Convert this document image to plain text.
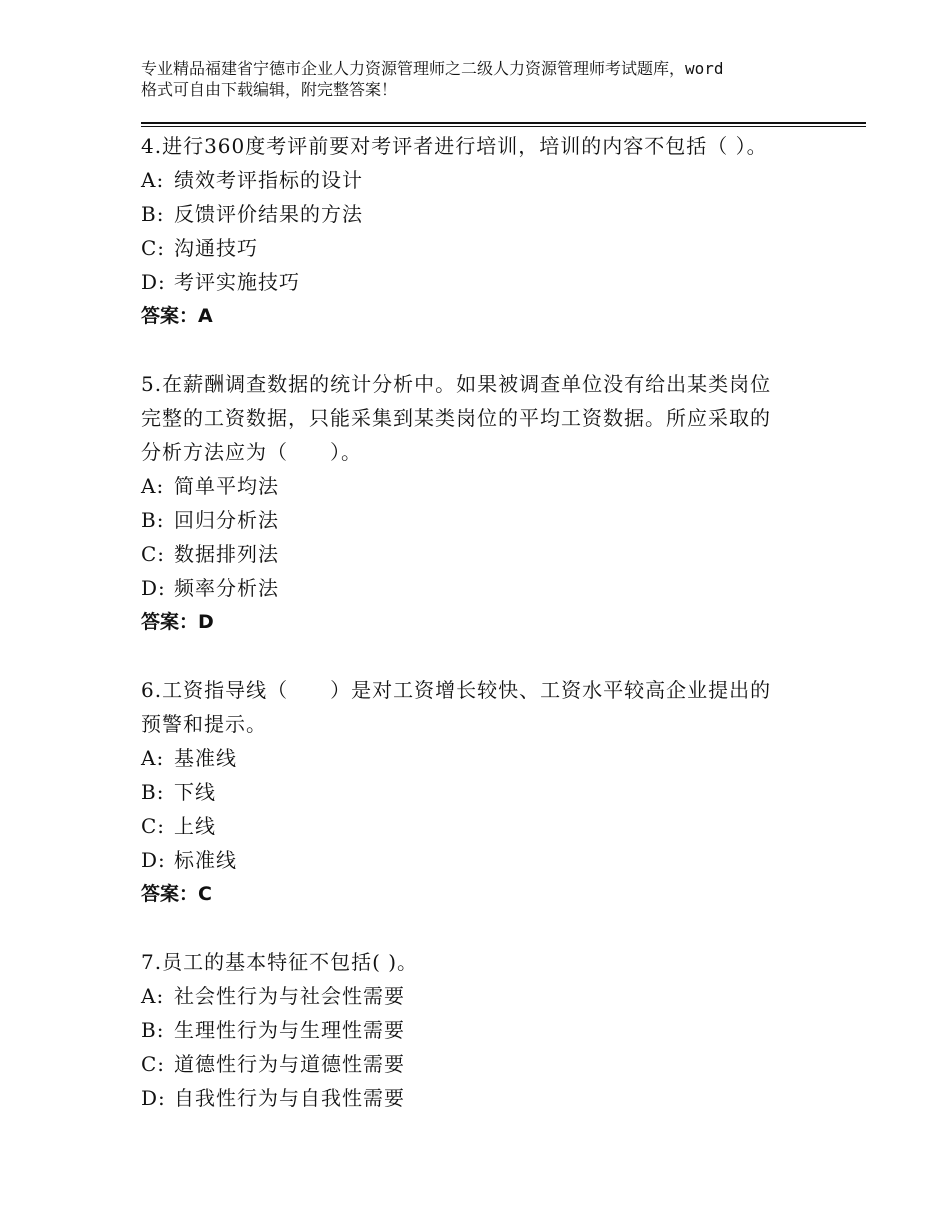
专业精品福建省宁德市企业人力资源管理师之二级人力资源管理师考试题库，word
格式可自由下载编辑，附完整答案！

4.进行360度考评前要对考评者进行培训，培训的内容不包括（ ）。

A: 绩效考评指标的设计
B: 反馈评价结果的方法
C: 沟通技巧
D: 考评实施技巧

答案：A

5.在薪酬调查数据的统计分析中。如果被调查单位没有给出某类岗位

完整的工资数据，只能采集到某类岗位的平均工资数据。所应采取的

分析方法应为（　　）。

A: 简单平均法
B: 回归分析法
C: 数据排列法
D: 频率分析法

答案：D

6.工资指导线（　　）是对工资增长较快、工资水平较高企业提出的

预警和提示。

A: 基准线
B: 下线
C: 上线
D: 标准线

答案：C

7.员工的基本特征不包括( )。

A: 社会性行为与社会性需要
B: 生理性行为与生理性需要
C: 道德性行为与道德性需要
D: 自我性行为与自我性需要
